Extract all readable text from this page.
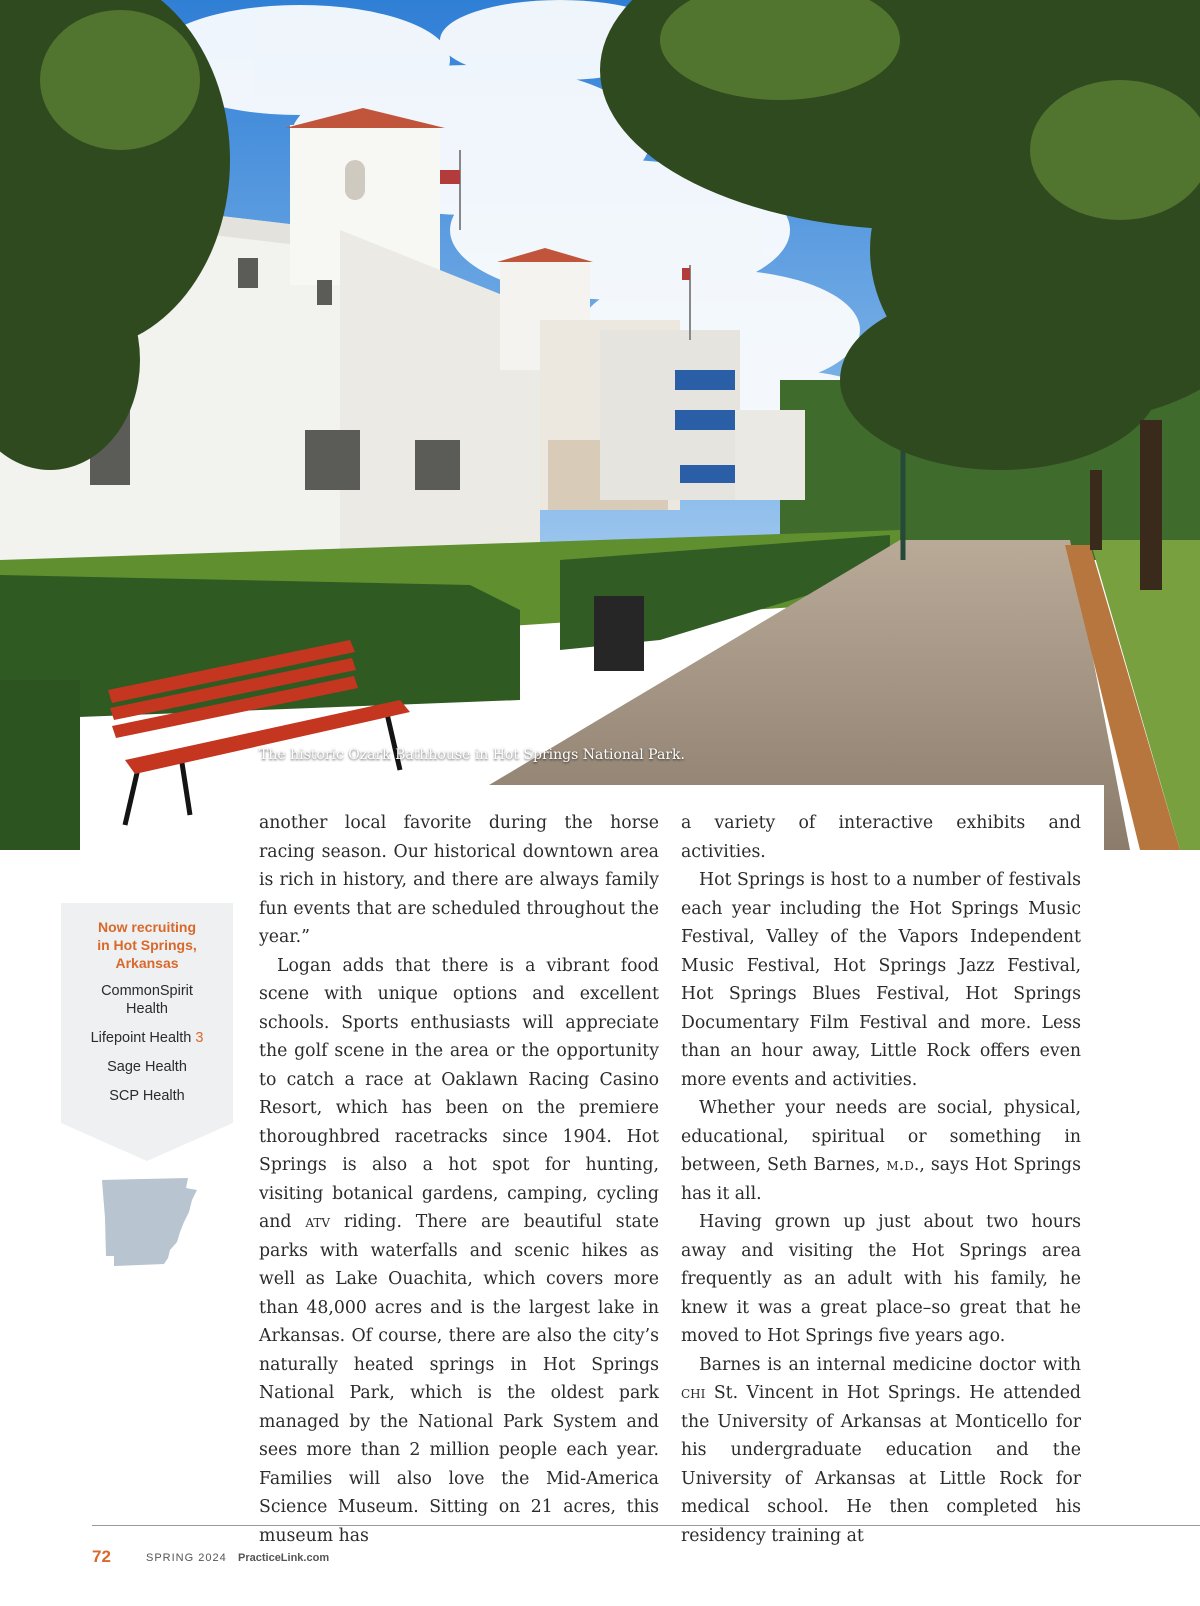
The historic Ozark Bathhouse in Hot Springs National Park.

another local favorite during the horse racing season. Our historical downtown area is rich in history, and there are always family fun events that are scheduled throughout the year.”

Logan adds that there is a vibrant food scene with unique options and excellent schools. Sports enthusiasts will appreciate the golf scene in the area or the opportunity to catch a race at Oaklawn Racing Casino Resort, which has been on the premiere thoroughbred racetracks since 1904. Hot Springs is also a hot spot for hunting, visiting botanical gardens, camping, cycling and atv riding. There are beautiful state parks with waterfalls and scenic hikes as well as Lake Ouachita, which covers more than 48,000 acres and is the largest lake in Arkansas. Of course, there are also the city’s naturally heated springs in Hot Springs National Park, which is the oldest park managed by the National Park System and sees more than 2 million people each year. Families will also love the Mid-America Science Museum. Sitting on 21 acres, this museum has

a variety of interactive exhibits and activities.

Hot Springs is host to a number of festivals each year including the Hot Springs Music Festival, Valley of the Vapors Independent Music Festival, Hot Springs Jazz Festival, Hot Springs Blues Festival, Hot Springs Documentary Film Festival and more. Less than an hour away, Little Rock offers even more events and activities.

Whether your needs are social, physical, educational, spiritual or something in between, Seth Barnes, m.d., says Hot Springs has it all.

Having grown up just about two hours away and visiting the Hot Springs area frequently as an adult with his family, he knew it was a great place–so great that he moved to Hot Springs five years ago.

Barnes is an internal medicine doctor with chi St. Vincent in Hot Springs. He attended the University of Arkansas at Monticello for his undergraduate education and the University of Arkansas at Little Rock for medical school. He then completed his residency training at

Now recruiting
in Hot Springs,
Arkansas
CommonSpirit
Health
Lifepoint Health 3
Sage Health
SCP Health
72	SPRING 2024 PracticeLink.com
